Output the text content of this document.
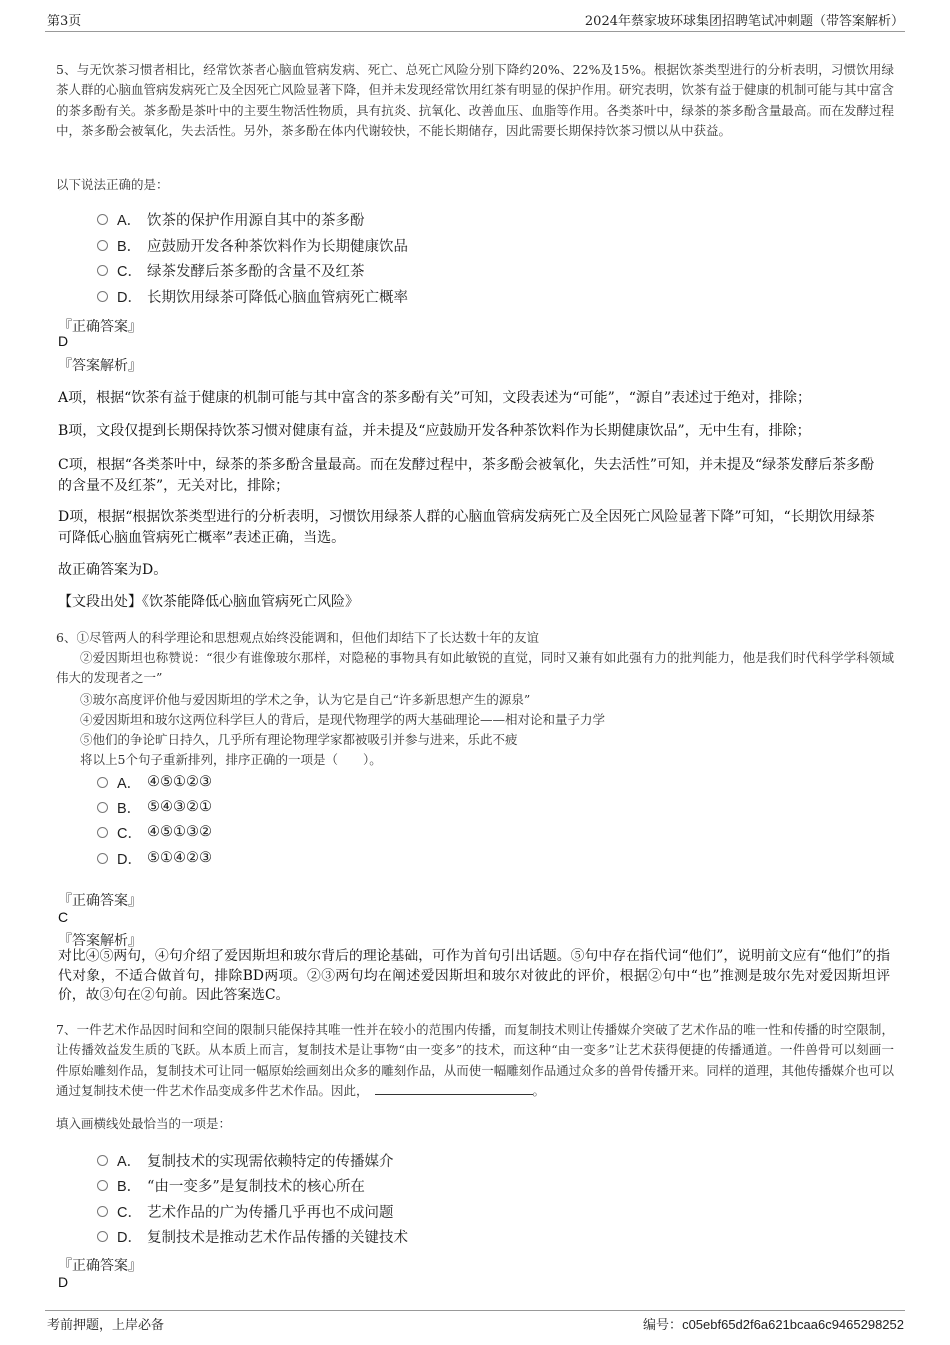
第3页	2024年蔡家坡环球集团招聘笔试冲刺题（带答案解析）
5、与无饮茶习惯者相比，经常饮茶者心脑血管病发病、死亡、总死亡风险分别下降约20%、22%及15%。根据饮茶类型进行的分析表明，习惯饮用绿茶人群的心脑血管病发病死亡及全因死亡风险显著下降，但并未发现经常饮用红茶有明显的保护作用。研究表明，饮茶有益于健康的机制可能与其中富含的茶多酚有关。茶多酚是茶叶中的主要生物活性物质，具有抗炎、抗氧化、改善血压、血脂等作用。各类茶叶中，绿茶的茶多酚含量最高。而在发酵过程中，茶多酚会被氧化，失去活性。另外，茶多酚在体内代谢较快，不能长期储存，因此需要长期保持饮茶习惯以从中获益。
以下说法正确的是：
A． 饮茶的保护作用源自其中的茶多酚
B． 应鼓励开发各种茶饮料作为长期健康饮品
C． 绿茶发酵后茶多酚的含量不及红茶
D． 长期饮用绿茶可降低心脑血管病死亡概率
『正确答案』
D
『答案解析』
A项，根据“饮茶有益于健康的机制可能与其中富含的茶多酚有关”可知，文段表述为“可能”，“源自”表述过于绝对，排除；
B项，文段仅提到长期保持饮茶习惯对健康有益，并未提及“应鼓励开发各种茶饮料作为长期健康饮品”，无中生有，排除；
C项，根据“各类茶叶中，绿茶的茶多酚含量最高。而在发酵过程中，茶多酚会被氧化，失去活性”可知，并未提及“绿茶发酵后茶多酚的含量不及红茶”，无关对比，排除；
D项，根据“根据饮茶类型进行的分析表明，习惯饮用绿茶人群的心脑血管病发病死亡及全因死亡风险显著下降”可知，“长期饮用绿茶可降低心脑血管病死亡概率”表述正确，当选。
故正确答案为D。
【文段出处】《饮茶能降低心脑血管病死亡风险》
6、①尽管两人的科学理论和思想观点始终没能调和，但他们却结下了长达数十年的友谊
②爱因斯坦也称赞说：“很少有谁像玻尔那样，对隐秘的事物具有如此敏锐的直觉，同时又兼有如此强有力的批判能力，他是我们时代科学学科领域伟大的发现者之一”
③玻尔高度评价他与爱因斯坦的学术之争，认为它是自己“许多新思想产生的源泉”
④爱因斯坦和玻尔这两位科学巨人的背后，是现代物理学的两大基础理论——相对论和量子力学
⑤他们的争论旷日持久，几乎所有理论物理学家都被吸引并参与进来，乐此不疲
将以上5个句子重新排列，排序正确的一项是（　　）。
A． ④⑤①②③
B． ⑤④③②①
C． ④⑤①③②
D． ⑤①④②③
『正确答案』
C
『答案解析』
对比④⑤两句，④句介绍了爱因斯坦和玻尔背后的理论基础，可作为首句引出话题。⑤句中存在指代词“他们”，说明前文应有“他们”的指代对象，不适合做首句，排除BD两项。②③两句均在阐述爱因斯坦和玻尔对彼此的评价，根据②句中“也”推测是玻尔先对爱因斯坦评价，故③句在②句前。因此答案选C。
7、一件艺术作品因时间和空间的限制只能保持其唯一性并在较小的范围内传播，而复制技术则让传播媒介突破了艺术作品的唯一性和传播的时空限制，让传播效益发生质的飞跃。从本质上而言，复制技术是让事物“由一变多”的技术，而这种“由一变多”让艺术获得便捷的传播通道。一件兽骨可以刻画一件原始雕刻作品，复制技术可让同一幅原始绘画刻出众多的雕刻作品，从而使一幅雕刻作品通过众多的兽骨传播开来。同样的道理，其他传播媒介也可以通过复制技术使一件艺术作品变成多件艺术作品。因此，	。
填入画横线处最恰当的一项是：
A． 复制技术的实现需依赖特定的传播媒介
B． “由一变多”是复制技术的核心所在
C． 艺术作品的广为传播几乎再也不成问题
D． 复制技术是推动艺术作品传播的关键技术
『正确答案』
D
考前押题，上岸必备	编号：c05ebf65d2f6a621bcaa6c9465298252
